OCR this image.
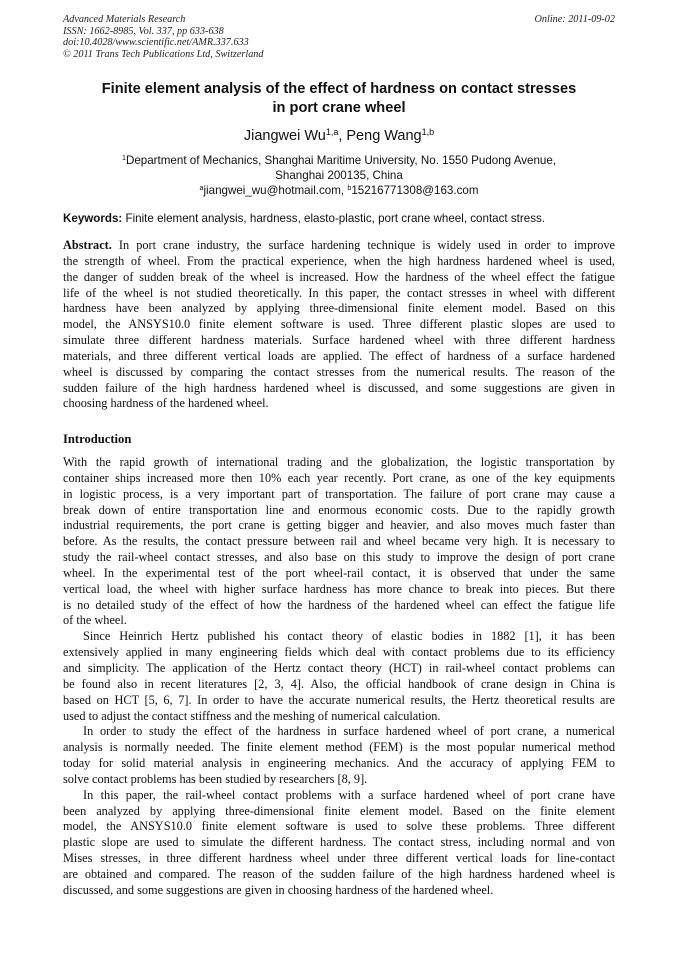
Advanced Materials Research
ISSN: 1662-8985, Vol. 337, pp 633-638
doi:10.4028/www.scientific.net/AMR.337.633
© 2011 Trans Tech Publications Ltd, Switzerland
Online: 2011-09-02
Finite element analysis of the effect of hardness on contact stresses
in port crane wheel
Jiangwei Wu$^{1,a}$, Peng Wang$^{1,b}$
$^1$Department of Mechanics, Shanghai Maritime University, No. 1550 Pudong Avenue,
Shanghai 200135, China
$^a$jiangwei_wu@hotmail.com, $^b$15216771308@163.com
Keywords: Finite element analysis, hardness, elasto-plastic, port crane wheel, contact stress.
Abstract. In port crane industry, the surface hardening technique is widely used in order to improve
the strength of wheel. From the practical experience, when the high hardness hardened wheel is used,
the danger of sudden break of the wheel is increased. How the hardness of the wheel effect the fatigue
life of the wheel is not studied theoretically. In this paper, the contact stresses in wheel with different
hardness have been analyzed by applying three-dimensional finite element model. Based on this
model, the ANSYS10.0 finite element software is used. Three different plastic slopes are used to
simulate three different hardness materials. Surface hardened wheel with three different hardness
materials, and three different vertical loads are applied. The effect of hardness of a surface hardened
wheel is discussed by comparing the contact stresses from the numerical results. The reason of the
sudden failure of the high hardness hardened wheel is discussed, and some suggestions are given in
choosing hardness of the hardened wheel.
Introduction
With the rapid growth of international trading and the globalization, the logistic transportation by
container ships increased more then 10% each year recently. Port crane, as one of the key equipments
in logistic process, is a very important part of transportation. The failure of port crane may cause a
break down of entire transportation line and enormous economic costs. Due to the rapidly growth
industrial requirements, the port crane is getting bigger and heavier, and also moves much faster than
before. As the results, the contact pressure between rail and wheel became very high. It is necessary to
study the rail-wheel contact stresses, and also base on this study to improve the design of port crane
wheel. In the experimental test of the port wheel-rail contact, it is observed that under the same
vertical load, the wheel with higher surface hardness has more chance to break into pieces. But there
is no detailed study of the effect of how the hardness of the hardened wheel can effect the fatigue life
of the wheel.
Since Heinrich Hertz published his contact theory of elastic bodies in 1882 [1], it has been
extensively applied in many engineering fields which deal with contact problems due to its efficiency
and simplicity. The application of the Hertz contact theory (HCT) in rail-wheel contact problems can
be found also in recent literatures [2, 3, 4]. Also, the official handbook of crane design in China is
based on HCT [5, 6, 7]. In order to have the accurate numerical results, the Hertz theoretical results are
used to adjust the contact stiffness and the meshing of numerical calculation.
In order to study the effect of the hardness in surface hardened wheel of port crane, a numerical
analysis is normally needed. The finite element method (FEM) is the most popular numerical method
today for solid material analysis in engineering mechanics. And the accuracy of applying FEM to
solve contact problems has been studied by researchers [8, 9].
In this paper, the rail-wheel contact problems with a surface hardened wheel of port crane have
been analyzed by applying three-dimensional finite element model. Based on the finite element
model, the ANSYS10.0 finite element software is used to solve these problems. Three different
plastic slope are used to simulate the different hardness. The contact stress, including normal and von
Mises stresses, in three different hardness wheel under three different vertical loads for line-contact
are obtained and compared. The reason of the sudden failure of the high hardness hardened wheel is
discussed, and some suggestions are given in choosing hardness of the hardened wheel.
